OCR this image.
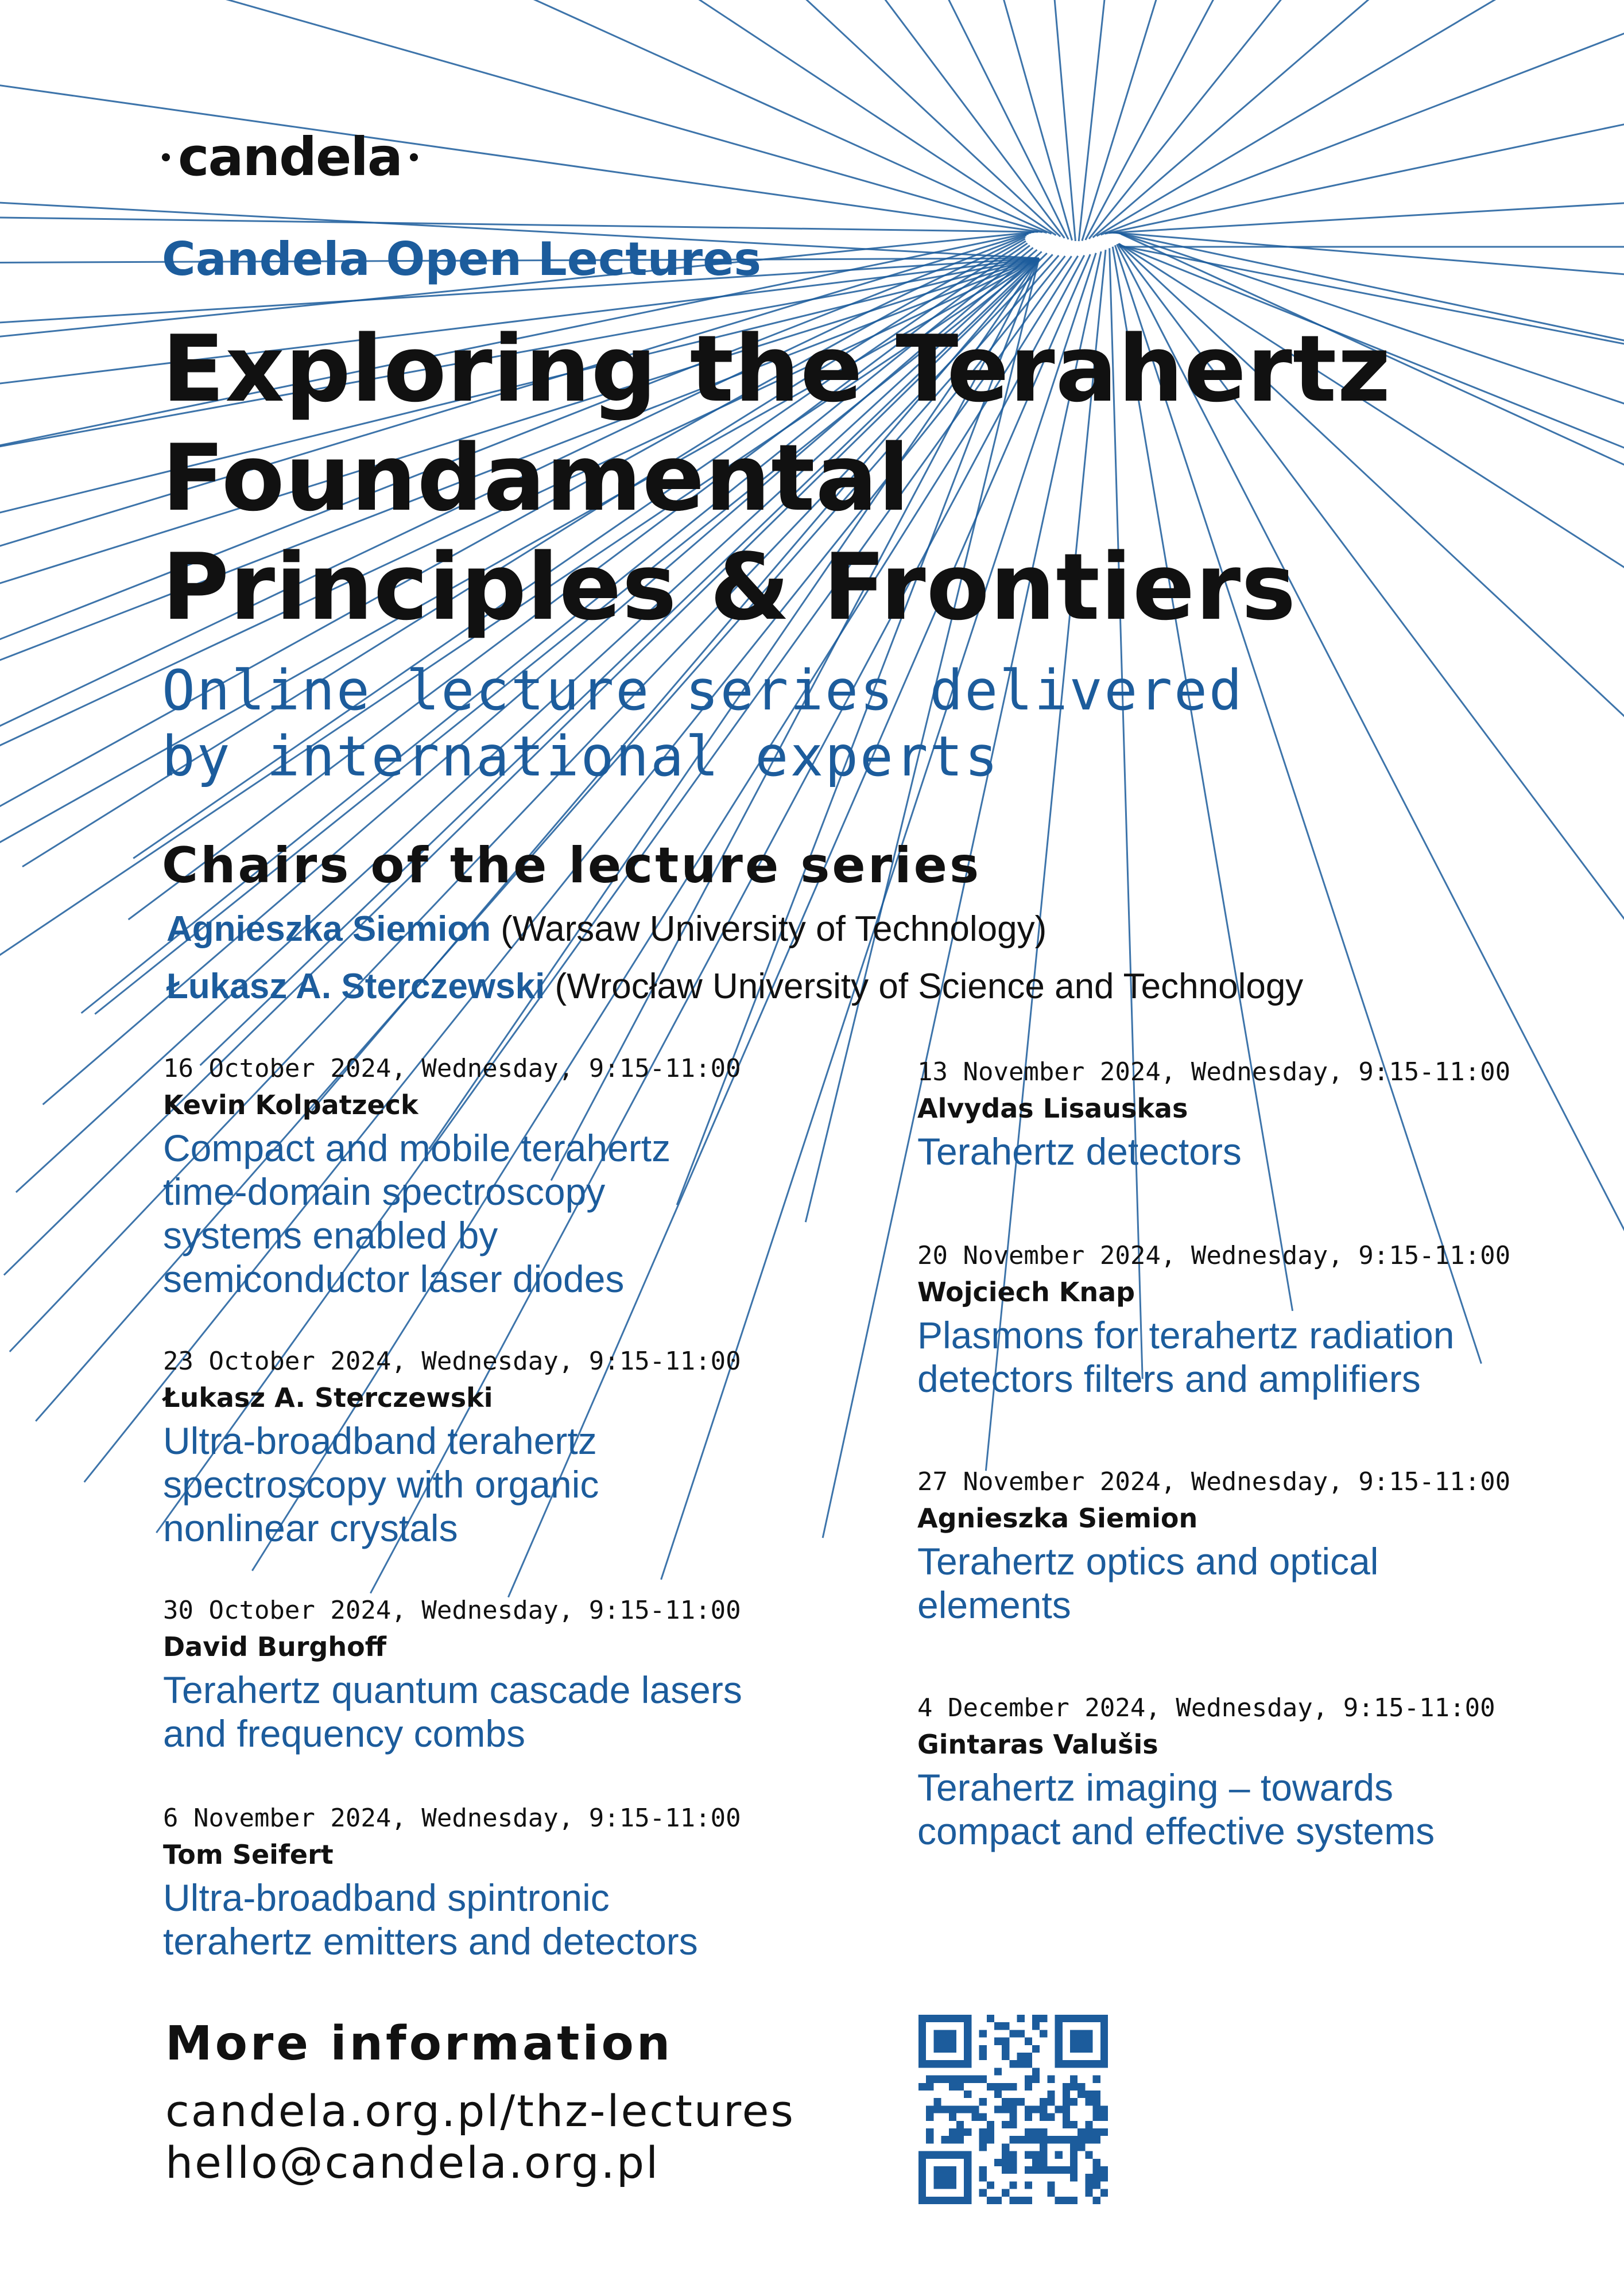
candela
Candela Open Lectures
Exploring the Terahertz
Foundamental
Principles & Frontiers
Online lecture series delivered
by international experts
Chairs of the lecture series
Agnieszka Siemion (Warsaw University of Technology)
Łukasz A. Sterczewski (Wrocław University of Science and Technology
16 October 2024, Wednesday, 9:15-11:00
Kevin Kolpatzeck
Compact and mobile terahertz
time-domain spectroscopy
systems enabled by
semiconductor laser diodes
23 October 2024, Wednesday, 9:15-11:00
Łukasz A. Sterczewski
Ultra-broadband terahertz
spectroscopy with organic
nonlinear crystals
30 October 2024, Wednesday, 9:15-11:00
David Burghoff
Terahertz quantum cascade lasers
and frequency combs
6 November 2024, Wednesday, 9:15-11:00
Tom Seifert
Ultra-broadband spintronic
terahertz emitters and detectors
13 November 2024, Wednesday, 9:15-11:00
Alvydas Lisauskas
Terahertz detectors
20 November 2024, Wednesday, 9:15-11:00
Wojciech Knap
Plasmons for terahertz radiation
detectors filters and amplifiers
27 November 2024, Wednesday, 9:15-11:00
Agnieszka Siemion
Terahertz optics and optical
elements
4 December 2024, Wednesday, 9:15-11:00
Gintaras Valušis
Terahertz imaging – towards
compact and effective systems
More information
candela.org.pl/thz-lectures
hello@candela.org.pl
